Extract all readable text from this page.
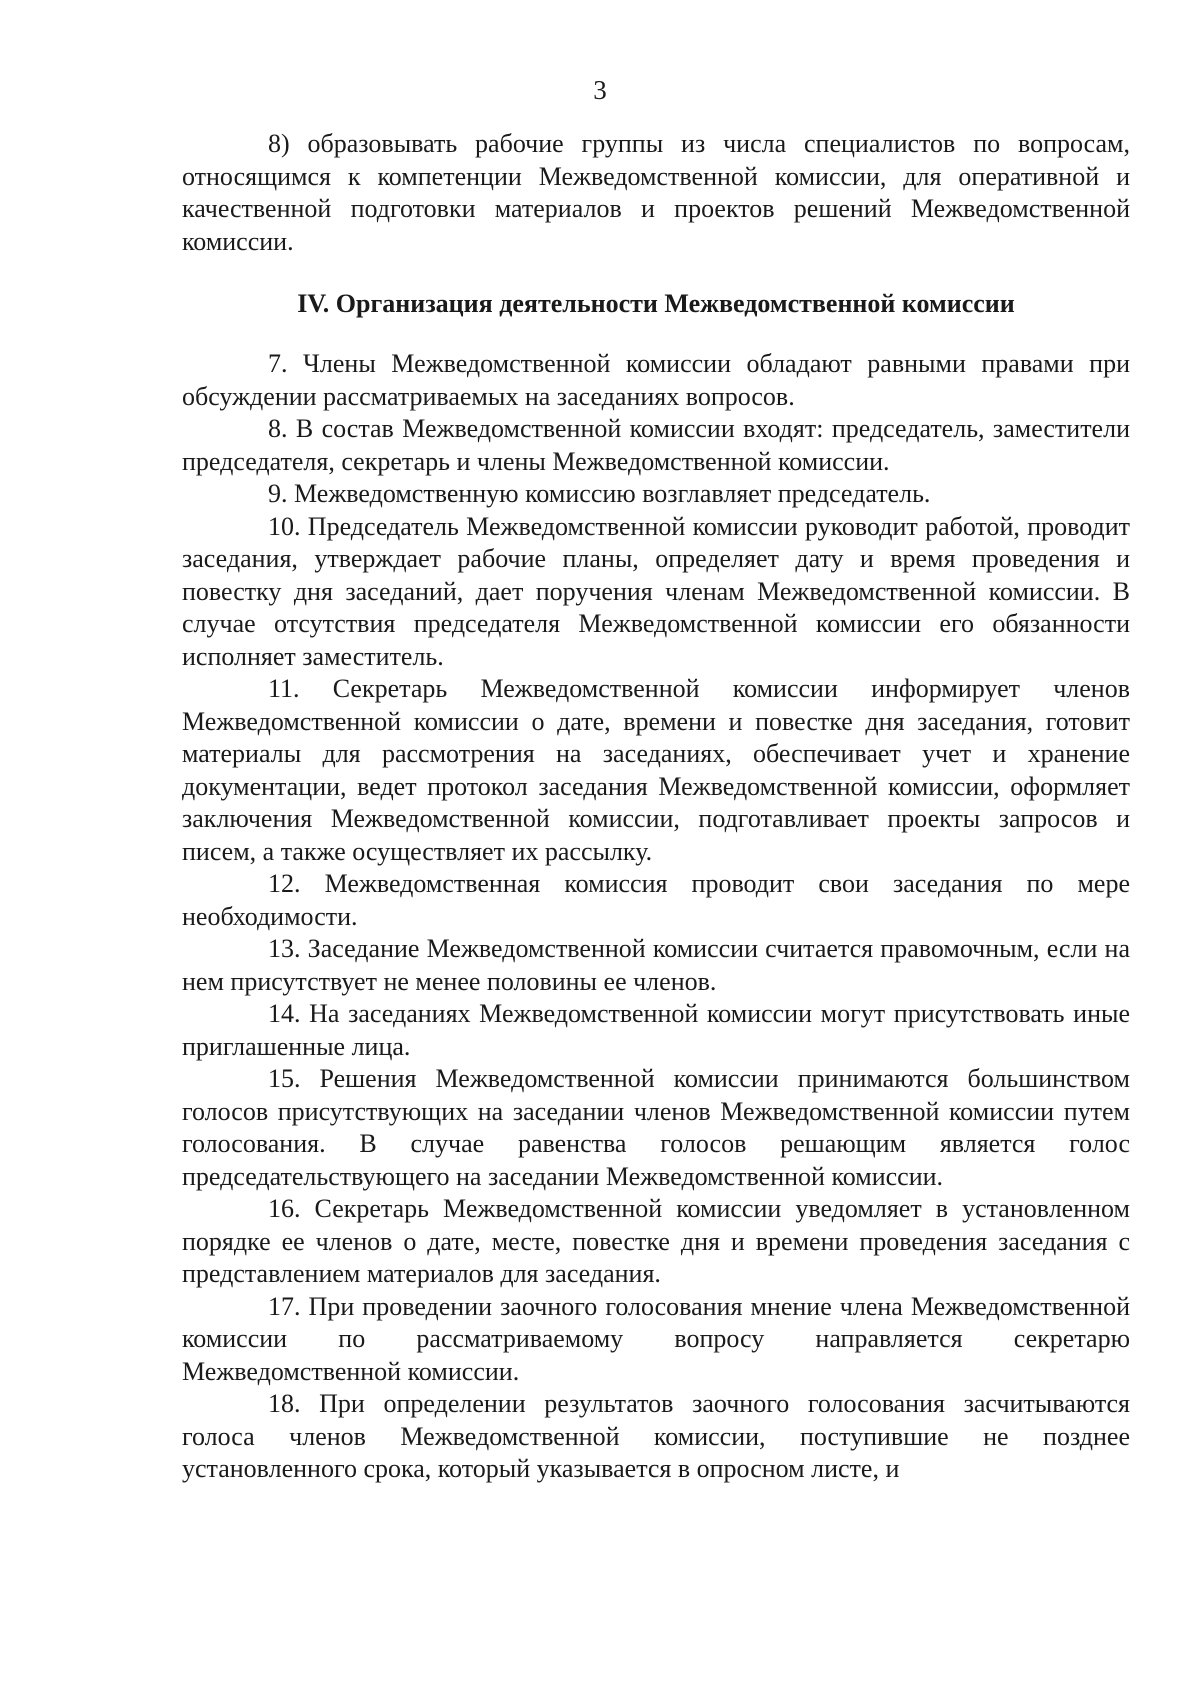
3

8) образовывать рабочие группы из числа специалистов по вопросам, относящимся к компетенции Межведомственной комиссии, для оперативной и качественной подготовки материалов и проектов решений Межведомственной комиссии.

IV. Организация деятельности Межведомственной комиссии

7. Члены Межведомственной комиссии обладают равными правами при обсуждении рассматриваемых на заседаниях вопросов.

8. В состав Межведомственной комиссии входят: председатель, заместители председателя, секретарь и члены Межведомственной комиссии.

9. Межведомственную комиссию возглавляет председатель.

10. Председатель Межведомственной комиссии руководит работой, проводит заседания, утверждает рабочие планы, определяет дату и время проведения и повестку дня заседаний, дает поручения членам Межведомственной комиссии. В случае отсутствия председателя Межведомственной комиссии его обязанности исполняет заместитель.

11. Секретарь Межведомственной комиссии информирует членов Межведомственной комиссии о дате, времени и повестке дня заседания, готовит материалы для рассмотрения на заседаниях, обеспечивает учет и хранение документации, ведет протокол заседания Межведомственной комиссии, оформляет заключения Межведомственной комиссии, подготавливает проекты запросов и писем, а также осуществляет их рассылку.

12. Межведомственная комиссия проводит свои заседания по мере необходимости.

13. Заседание Межведомственной комиссии считается правомочным, если на нем присутствует не менее половины ее членов.

14. На заседаниях Межведомственной комиссии могут присутствовать иные приглашенные лица.

15. Решения Межведомственной комиссии принимаются большинством голосов присутствующих на заседании членов Межведомственной комиссии путем голосования. В случае равенства голосов решающим является голос председательствующего на заседании Межведомственной комиссии.

16. Секретарь Межведомственной комиссии уведомляет в установленном порядке ее членов о дате, месте, повестке дня и времени проведения заседания с представлением материалов для заседания.

17. При проведении заочного голосования мнение члена Межведомственной комиссии по рассматриваемому вопросу направляется секретарю Межведомственной комиссии.

18. При определении результатов заочного голосования засчитываются голоса членов Межведомственной комиссии, поступившие не позднее установленного срока, который указывается в опросном листе, и
